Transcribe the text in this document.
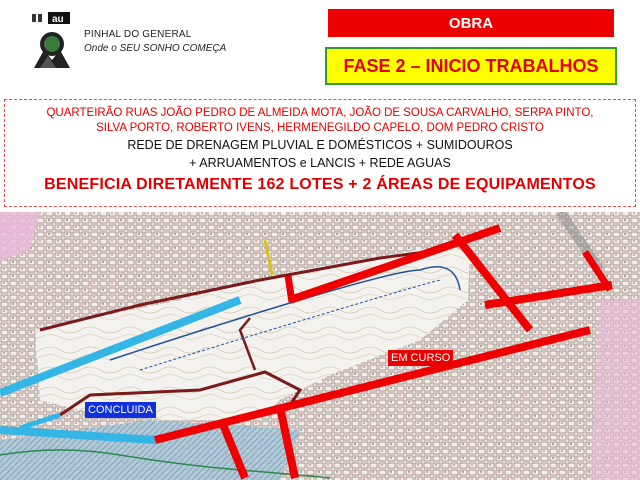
au
PINHAL DO GENERAL
Onde o SEU SONHO COMEÇA
OBRA
FASE 2 – INICIO TRABALHOS
QUARTEIRÃO RUAS JOÃO PEDRO DE ALMEIDA MOTA, JOÃO DE SOUSA CARVALHO, SERPA PINTO,
SILVA PORTO, ROBERTO IVENS, HERMENEGILDO CAPELO, DOM PEDRO CRISTO
REDE DE DRENAGEM PLUVIAL E DOMÉSTICOS + SUMIDOUROS
+ ARRUAMENTOS e LANCIS + REDE AGUAS
BENEFICIA DIRETAMENTE 162 LOTES + 2 ÁREAS DE EQUIPAMENTOS
EM CURSO
CONCLUIDA
